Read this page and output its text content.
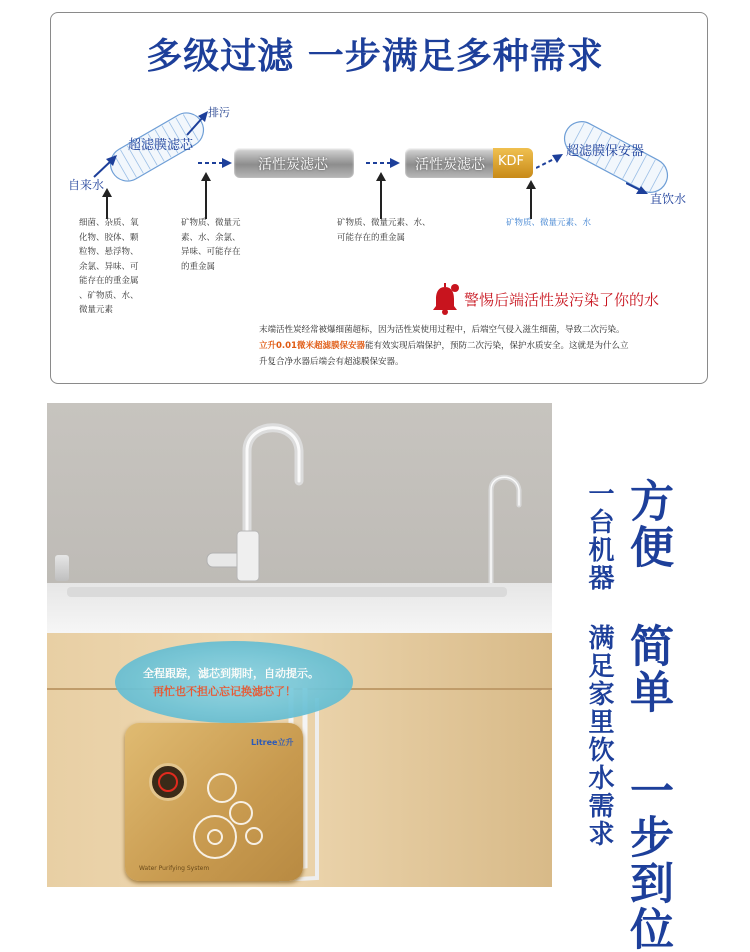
多级过滤 一步满足多种需求
自来水
超滤膜滤芯
排污
活性炭滤芯	活性炭滤芯 KDF
超滤膜保安器
直饮水
细菌、杂质、氧
化物、胶体、颗
粒物、悬浮物、
余氯、异味、可
能存在的重金属
、矿物质、水、
微量元素
矿物质、微量元
素、水、余氯、
异味、可能存在
的重金属
矿物质、微量元素、水、
可能存在的重金属
矿物质、微量元素、水
警惕后端活性炭污染了你的水
末端活性炭经常被爆细菌超标，因为活性炭使用过程中，后端空气侵入滋生细菌，导致二次污染。
立升0.01微米超滤膜保安器能有效实现后端保护，预防二次污染，保护水质安全。这就是为什么立
升复合净水器后端会有超滤膜保安器。
Litree立升
Water Purifying System
全程跟踪，滤芯到期时，自动提示。
再忙也不担心忘记换滤芯了！	方便 简单 一步到位
一台机器 满足家里饮水需求
